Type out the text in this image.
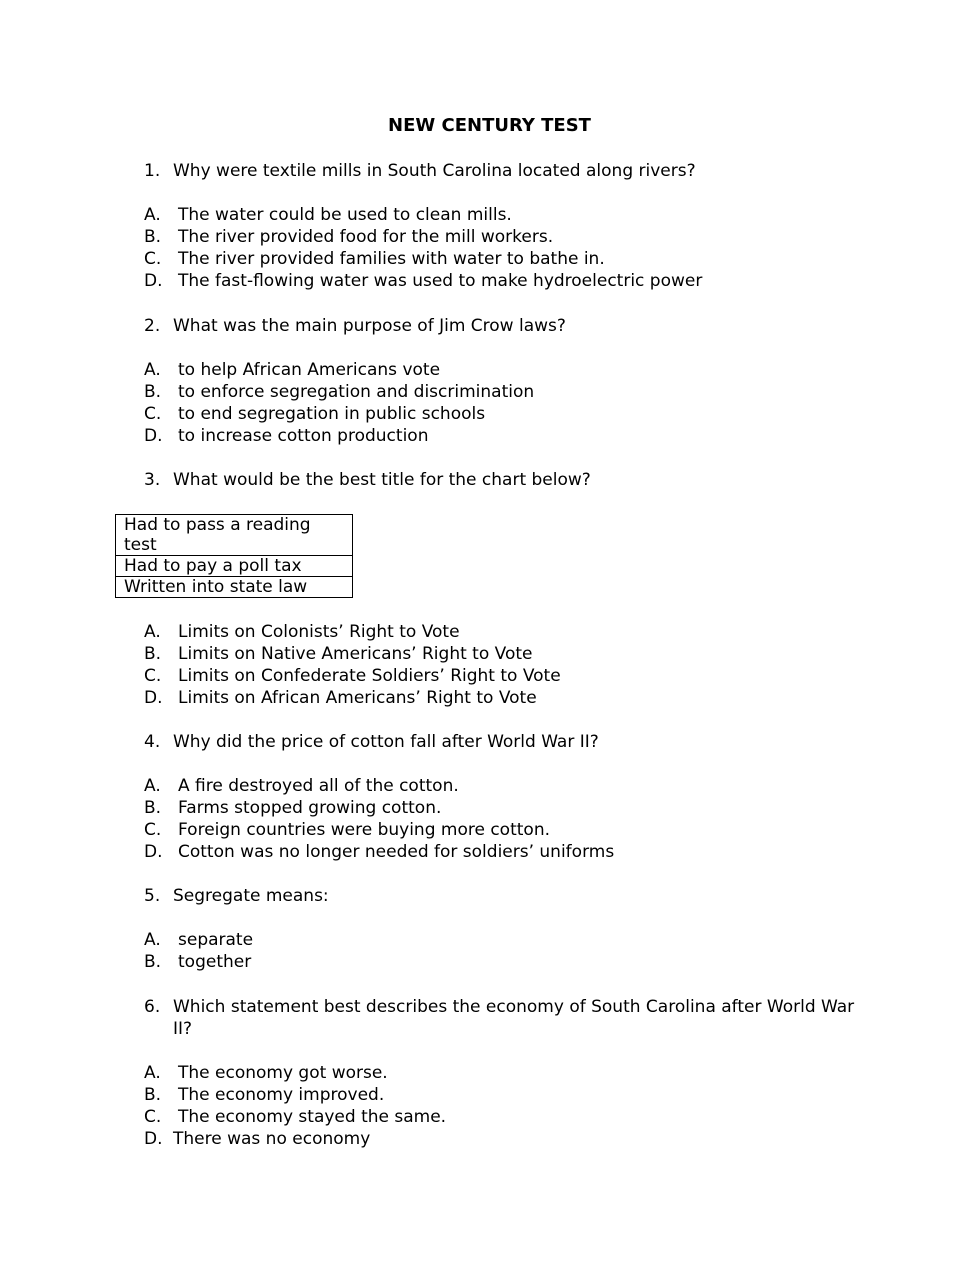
NEW CENTURY TEST
1. Why were textile mills in South Carolina located along rivers?
A. The water could be used to clean mills.
B. The river provided food for the mill workers.
C. The river provided families with water to bathe in.
D. The fast-flowing water was used to make hydroelectric power
2. What was the main purpose of Jim Crow laws?
A. to help African Americans vote
B. to enforce segregation and discrimination
C. to end segregation in public schools
D. to increase cotton production
3. What would be the best title for the chart below?
Had to pass a reading test
Had to pay a poll tax
Written into state law
A. Limits on Colonists’ Right to Vote
B. Limits on Native Americans’ Right to Vote
C. Limits on Confederate Soldiers’ Right to Vote
D. Limits on African Americans’ Right to Vote
4. Why did the price of cotton fall after World War II?
A. A fire destroyed all of the cotton.
B. Farms stopped growing cotton.
C. Foreign countries were buying more cotton.
D. Cotton was no longer needed for soldiers’ uniforms
5. Segregate means:
A. separate
B. together
6. Which statement best describes the economy of South Carolina after World War II?
A. The economy got worse.
B. The economy improved.
C. The economy stayed the same.
D. There was no economy
